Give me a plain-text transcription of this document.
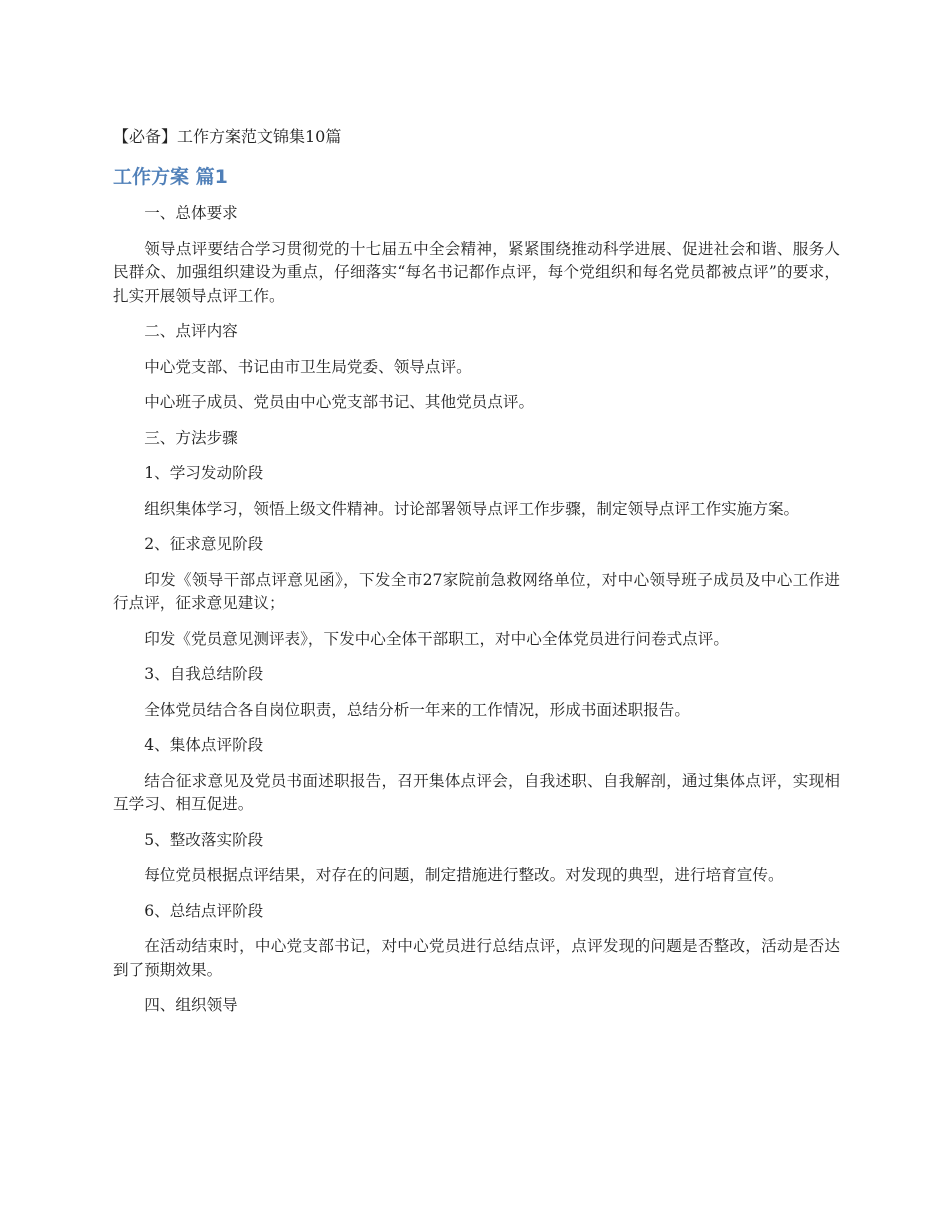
【必备】工作方案范文锦集10篇
工作方案 篇1

一、总体要求

领导点评要结合学习贯彻党的十七届五中全会精神，紧紧围绕推动科学进展、促进社会和谐、服务人民群众、加强组织建设为重点，仔细落实“每名书记都作点评，每个党组织和每名党员都被点评”的要求，扎实开展领导点评工作。

二、点评内容

中心党支部、书记由市卫生局党委、领导点评。

中心班子成员、党员由中心党支部书记、其他党员点评。

三、方法步骤

1、学习发动阶段

组织集体学习，领悟上级文件精神。讨论部署领导点评工作步骤，制定领导点评工作实施方案。

2、征求意见阶段

印发《领导干部点评意见函》，下发全市27家院前急救网络单位，对中心领导班子成员及中心工作进行点评，征求意见建议；

印发《党员意见测评表》，下发中心全体干部职工，对中心全体党员进行问卷式点评。

3、自我总结阶段

全体党员结合各自岗位职责，总结分析一年来的工作情况，形成书面述职报告。

4、集体点评阶段

结合征求意见及党员书面述职报告，召开集体点评会，自我述职、自我解剖，通过集体点评，实现相互学习、相互促进。

5、整改落实阶段

每位党员根据点评结果，对存在的问题，制定措施进行整改。对发现的典型，进行培育宣传。

6、总结点评阶段

在活动结束时，中心党支部书记，对中心党员进行总结点评，点评发现的问题是否整改，活动是否达到了预期效果。

四、组织领导
